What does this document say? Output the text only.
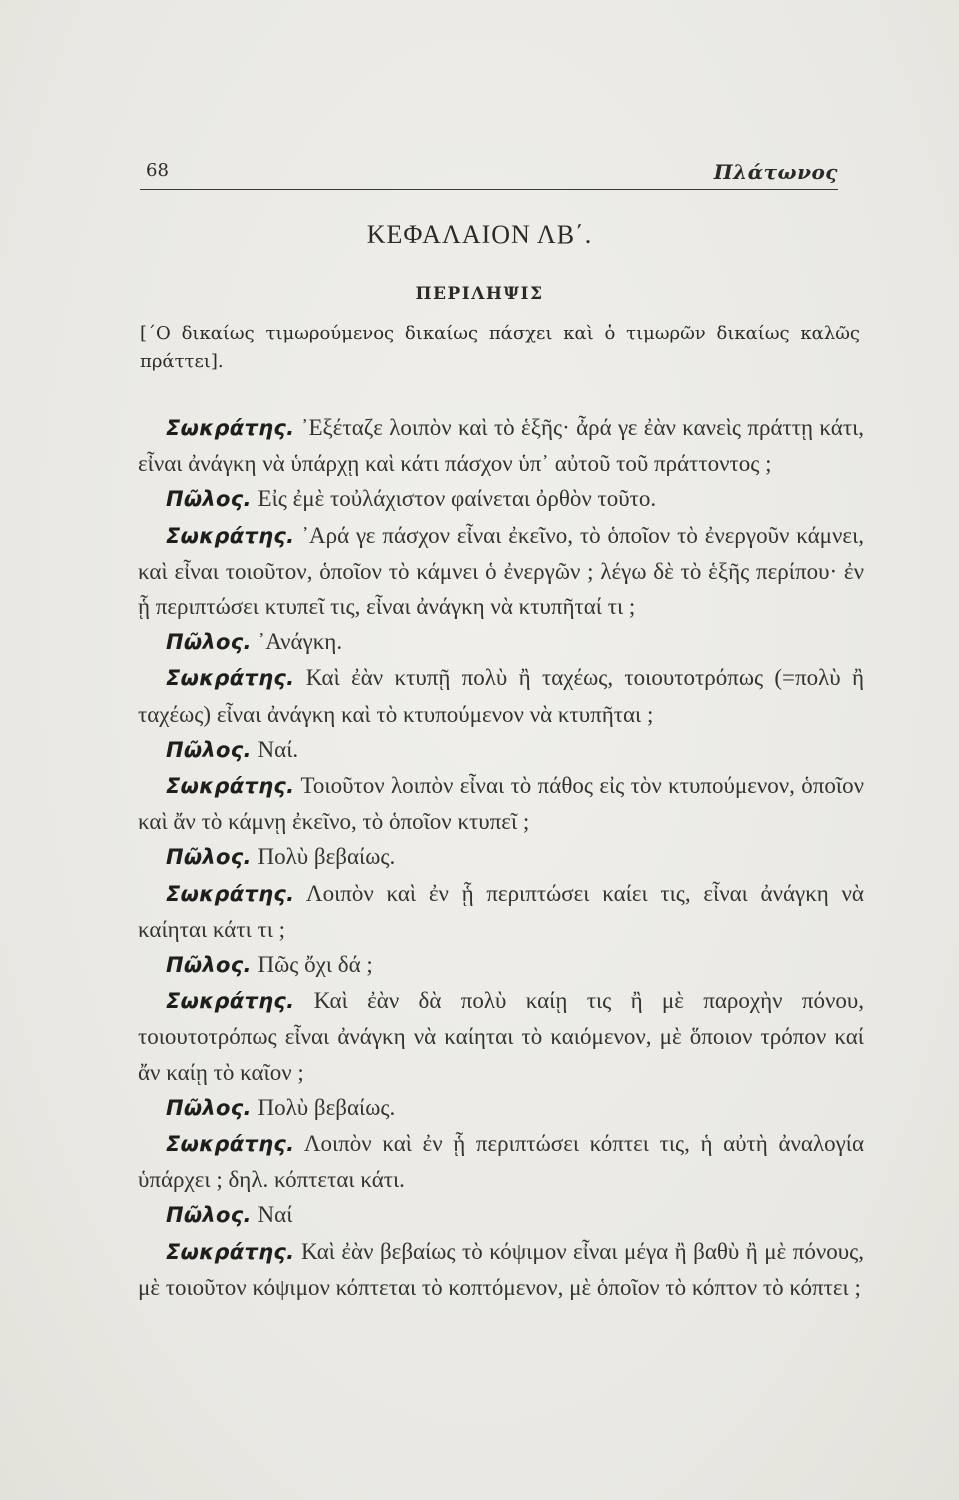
68	Πλάτωνος
ΚΕΦΑΛΑΙΟΝ ΛΒ΄.
ΠΕΡΙΛΗΨΙΣ
[΄Ο δικαίως τιμωρούμενος δικαίως πάσχει καὶ ὁ τιμωρῶν δικαίως καλῶς πράττει].

Σωκράτης. ᾿Εξέταζε λοιπὸν καὶ τὸ ἑξῆς· ἆρά γε ἐὰν κανεὶς πράττῃ κάτι, εἶναι ἀνάγκη νὰ ὑπάρχῃ καὶ κάτι πάσχον ὑπ᾿ αὐτοῦ τοῦ πράττοντος ;

Πῶλος. Εἰς ἐμὲ τοὐλάχιστον φαίνεται ὀρθὸν τοῦτο.

Σωκράτης. ᾿Αρά γε πάσχον εἶναι ἐκεῖνο, τὸ ὁποῖον τὸ ἐνεργοῦν κάμνει, καὶ εἶναι τοιοῦτον, ὁποῖον τὸ κάμνει ὁ ἐνεργῶν ; λέγω δὲ τὸ ἑξῆς περίπου· ἐν ᾗ περιπτώσει κτυπεῖ τις, εἶναι ἀνάγκη νὰ κτυπῆταί τι ;

Πῶλος. ᾿Ανάγκη.

Σωκράτης. Καὶ ἐὰν κτυπῇ πολὺ ἢ ταχέως, τοιουτοτρόπως (=πολὺ ἢ ταχέως) εἶναι ἀνάγκη καὶ τὸ κτυπούμενον νὰ κτυπῆται ;

Πῶλος. Ναί.

Σωκράτης. Τοιοῦτον λοιπὸν εἶναι τὸ πάθος εἰς τὸν κτυπούμενον, ὁποῖον καὶ ἄν τὸ κάμνῃ ἐκεῖνο, τὸ ὁποῖον κτυπεῖ ;

Πῶλος. Πολὺ βεβαίως.

Σωκράτης. Λοιπὸν καὶ ἐν ᾗ περιπτώσει καίει τις, εἶναι ἀνάγκη νὰ καίηται κάτι τι ;

Πῶλος. Πῶς ὄχι δά ;

Σωκράτης. Καὶ ἐὰν δὰ πολὺ καίῃ τις ἢ μὲ παροχὴν πόνου, τοιουτοτρόπως εἶναι ἀνάγκη νὰ καίηται τὸ καιόμενον, μὲ ὅποιον τρόπον καί ἄν καίῃ τὸ καῖον ;

Πῶλος. Πολὺ βεβαίως.

Σωκράτης. Λοιπὸν καὶ ἐν ᾗ περιπτώσει κόπτει τις, ἡ αὐτὴ ἀναλογία ὑπάρχει ; δηλ. κόπτεται κάτι.

Πῶλος. Ναί

Σωκράτης. Καὶ ἐὰν βεβαίως τὸ κόψιμον εἶναι μέγα ἢ βαθὺ ἢ μὲ πόνους, μὲ τοιοῦτον κόψιμον κόπτεται τὸ κοπτόμενον, μὲ ὁποῖον τὸ κόπτον τὸ κόπτει ;
